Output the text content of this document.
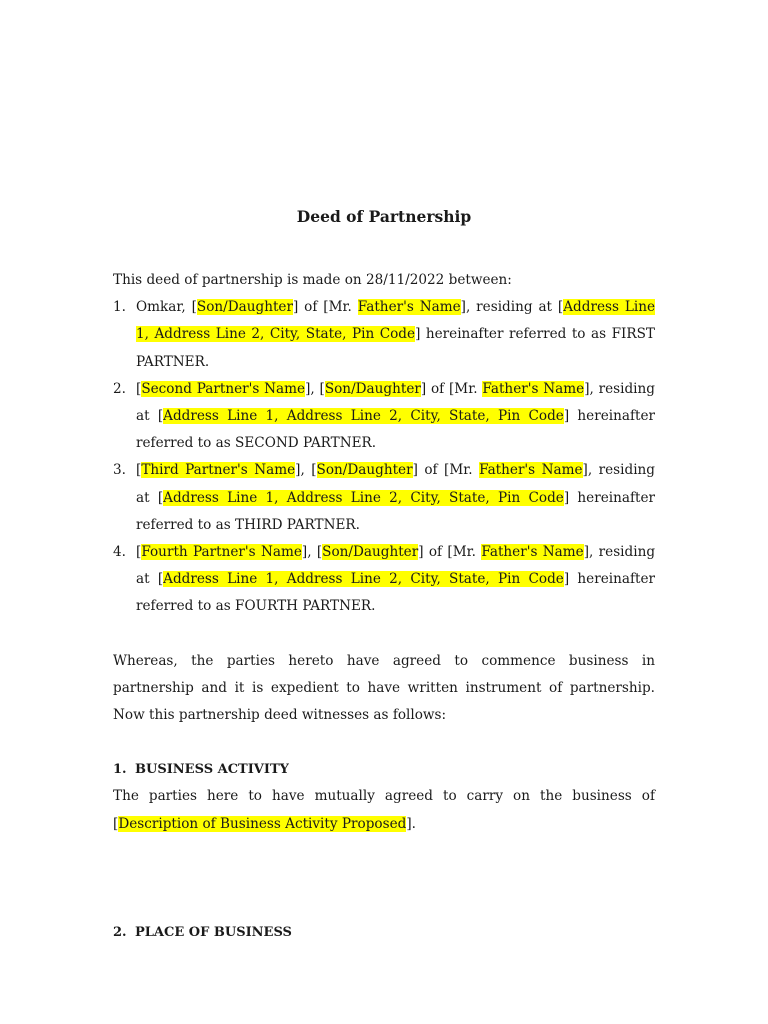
Deed of Partnership

This deed of partnership is made on 28/11/2022 between:

1. Omkar, [Son/Daughter] of [Mr. Father's Name], residing at [Address Line 1, Address Line 2, City, State, Pin Code] hereinafter referred to as FIRST PARTNER.
2. [Second Partner's Name], [Son/Daughter] of [Mr. Father's Name], residing at [Address Line 1, Address Line 2, City, State, Pin Code] hereinafter referred to as SECOND PARTNER.
3. [Third Partner's Name], [Son/Daughter] of [Mr. Father's Name], residing at [Address Line 1, Address Line 2, City, State, Pin Code] hereinafter referred to as THIRD PARTNER.
4. [Fourth Partner's Name], [Son/Daughter] of [Mr. Father's Name], residing at [Address Line 1, Address Line 2, City, State, Pin Code] hereinafter referred to as FOURTH PARTNER.

Whereas, the parties hereto have agreed to commence business in partnership and it is expedient to have written instrument of partnership. Now this partnership deed witnesses as follows:

1. BUSINESS ACTIVITY

The parties here to have mutually agreed to carry on the business of [Description of Business Activity Proposed].

2. PLACE OF BUSINESS
